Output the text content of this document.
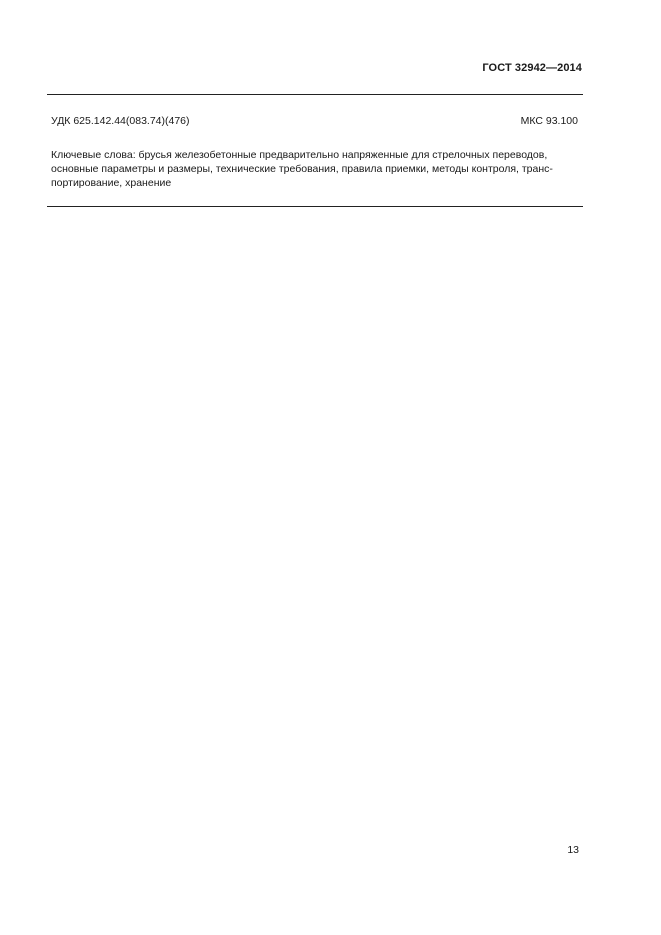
ГОСТ 32942—2014
УДК 625.142.44(083.74)(476)	МКС 93.100
Ключевые слова: брусья железобетонные предварительно напряженные для стрелочных переводов,
основные параметры и размеры, технические требования, правила приемки, методы контроля, транс-
портирование, хранение
13
